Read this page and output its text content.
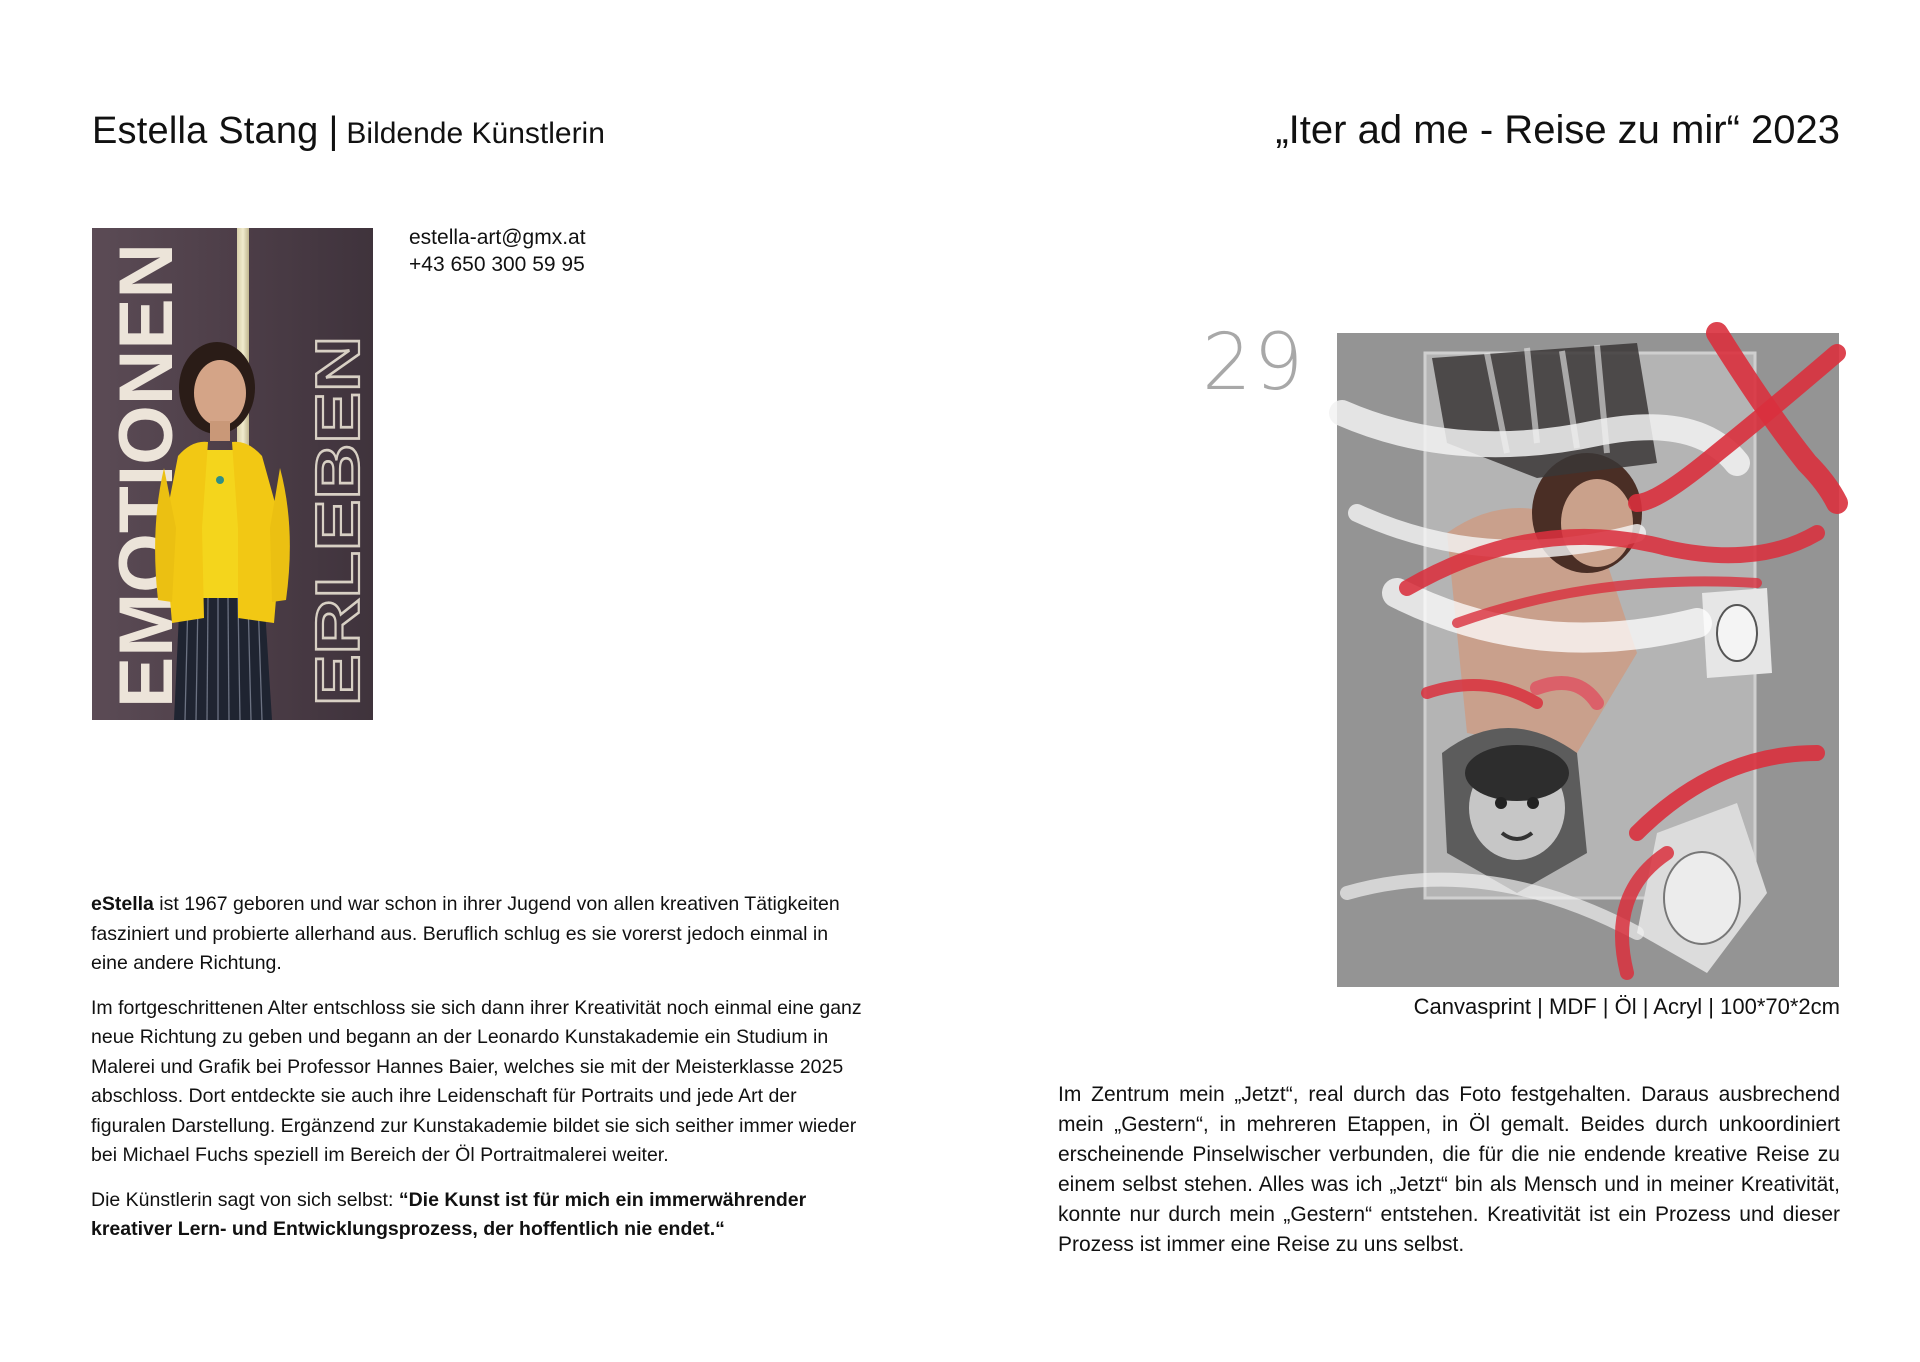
Estella Stang | Bildende Künstlerin
EMOTIONEN ERLEBEN
estella-art@gmx.at
+43 650 300 59 95

eStella ist 1967 geboren und war schon in ihrer Jugend von allen kreativen Tätigkeiten fasziniert und probierte allerhand aus. Beruflich schlug es sie vorerst jedoch einmal in eine andere Richtung.

Im fortgeschrittenen Alter entschloss sie sich dann ihrer Kreativität noch einmal eine ganz neue Richtung zu geben und begann an der Leonardo Kunstakademie ein Studium in Malerei und Grafik bei Professor Hannes Baier, welches sie mit der Meisterklasse 2025 abschloss. Dort entdeckte sie auch ihre Leidenschaft für Portraits und jede Art der figuralen Darstellung. Ergänzend zur Kunstakademie bildet sie sich seither immer wieder bei Michael Fuchs speziell im Bereich der Öl Portraitmalerei weiter.

Die Künstlerin sagt von sich selbst: “Die Kunst ist für mich ein immerwährender kreativer Lern- und Entwicklungsprozess, der hoffentlich nie endet.“

„Iter ad me - Reise zu mir“ 2023
29
Canvasprint | MDF | Öl | Acryl | 100*70*2cm
Im Zentrum mein „Jetzt“, real durch das Foto festgehalten. Daraus ausbrechend mein „Gestern“, in mehreren Etappen, in Öl gemalt. Beides durch unkoordiniert erscheinende Pinselwischer verbunden, die für die nie endende kreative Reise zu einem selbst stehen. Alles was ich „Jetzt“ bin als Mensch und in meiner Kreativität, konnte nur durch mein „Gestern“ entstehen. Kreativität ist ein Prozess und dieser Prozess ist immer eine Reise zu uns selbst.
